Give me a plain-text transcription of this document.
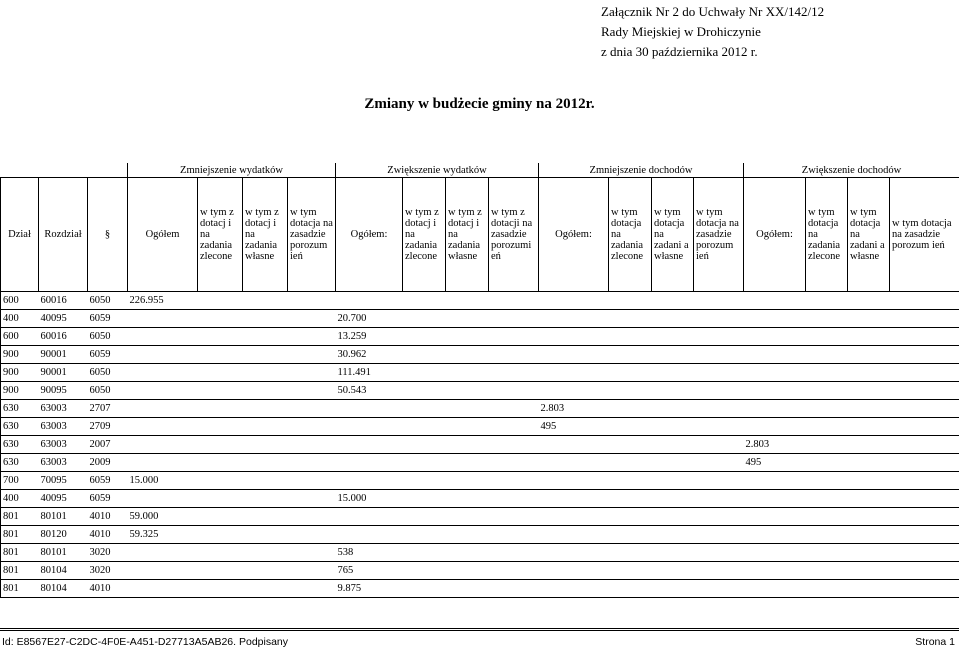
Załącznik Nr 2 do Uchwały Nr XX/142/12
Rady Miejskiej w Drohiczynie
z dnia 30 października 2012 r.
Zmiany w budżecie gminy na 2012r.
			Zmniejszenie wydatków				Zwiększenie wydatków				Zmniejszenie dochodów				Zwiększenie dochodów			
Dział	Rozdział	§	Ogółem	w tym z dotacj i na zadania zlecone	w tym z dotacj i na zadania własne	w tym dotacja na zasadzie porozum ień	Ogółem:	w tym z dotacj i na zadania zlecone	w tym z dotacj i na zadania własne	w tym z dotacji na zasadzie porozumi eń	Ogółem:	w tym dotacja na zadania zlecone	w tym dotacja na zadani a własne	w tym dotacja na zasadzie porozum ień	Ogółem:	w tym dotacja na zadania zlecone	w tym dotacja na zadani a własne	w tym dotacja na zasadzie porozum ień
600	60016	6050	226.955															
400	40095	6059					20.700											
600	60016	6050					13.259											
900	90001	6059					30.962											
900	90001	6050					111.491											
900	90095	6050					50.543											
630	63003	2707									2.803							
630	63003	2709									495							
630	63003	2007													2.803			
630	63003	2009													495			
700	70095	6059	15.000															
400	40095	6059					15.000											
801	80101	4010	59.000															
801	80120	4010	59.325															
801	80101	3020					538											
801	80104	3020					765											
801	80104	4010					9.875											
Id: E8567E27-C2DC-4F0E-A451-D27713A5AB26. Podpisany	Strona 1
